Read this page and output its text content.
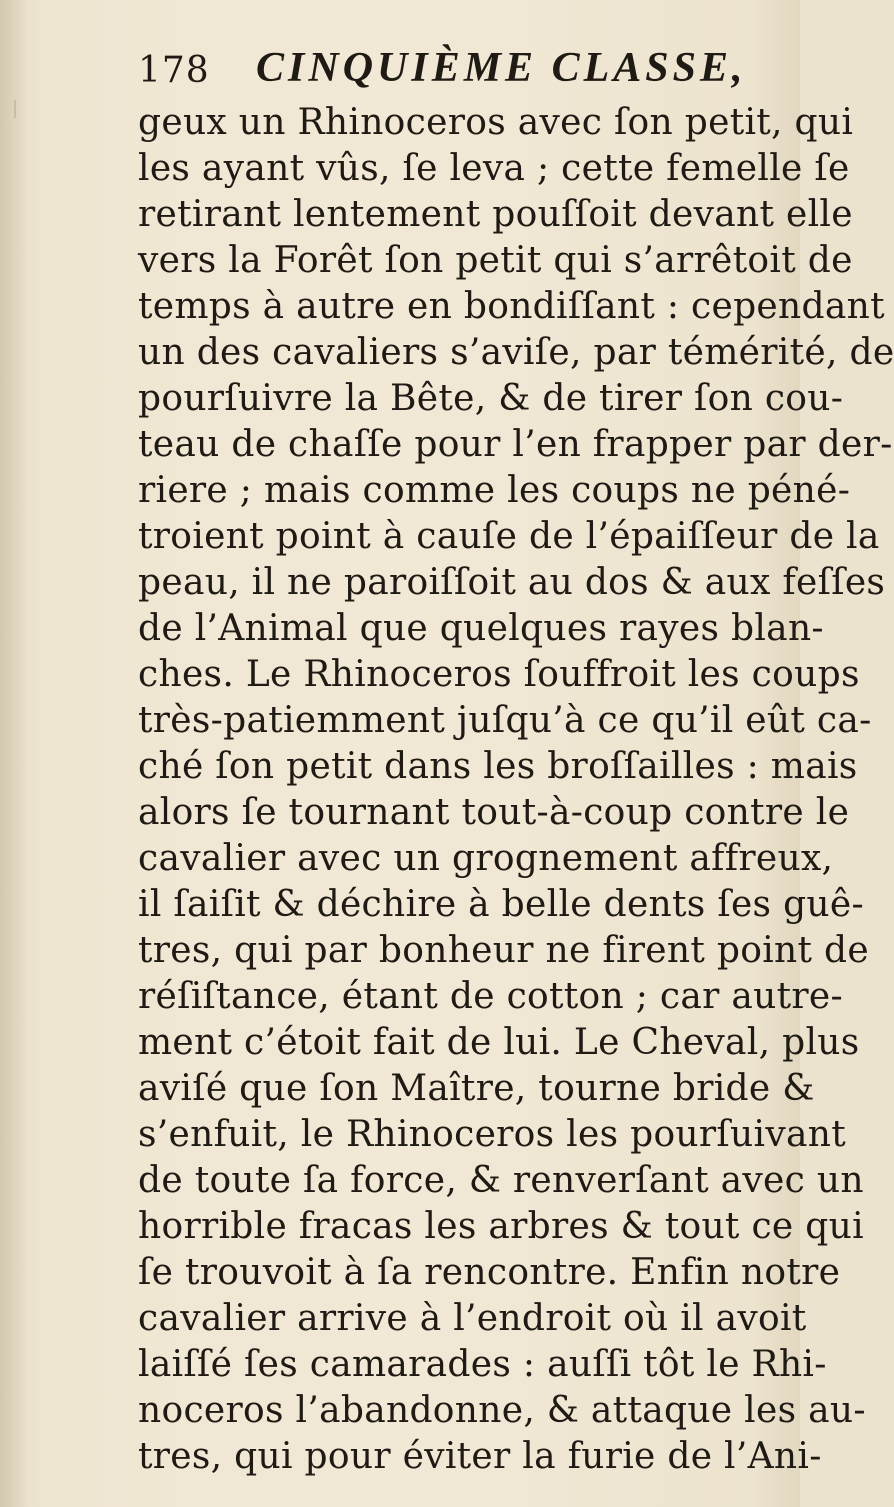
178 CINQUIÈME CLASSE,
geux un Rhinoceros avec ſon petit, qui
les ayant vûs, ſe leva ; cette femelle ſe
retirant lentement pouſſoit devant elle
vers la Forêt ſon petit qui s’arrêtoit de
temps à autre en bondiſſant : cependant
un des cavaliers s’aviſe, par témérité, de
pourſuivre la Bête, & de tirer ſon cou-
teau de chaſſe pour l’en frapper par der-
riere ; mais comme les coups ne péné-
troient point à cauſe de l’épaiſſeur de la
peau, il ne paroiſſoit au dos & aux feſſes
de l’Animal que quelques rayes blan-
ches. Le Rhinoceros ſouffroit les coups
très-patiemment juſqu’à ce qu’il eût ca-
ché ſon petit dans les broſſailles : mais
alors ſe tournant tout-à-coup contre le
cavalier avec un grognement affreux,
il ſaiſit & déchire à belle dents ſes guê-
tres, qui par bonheur ne firent point de
réſiſtance, étant de cotton ; car autre-
ment c’étoit fait de lui. Le Cheval, plus
aviſé que ſon Maître, tourne bride &
s’enfuit, le Rhinoceros les pourſuivant
de toute ſa force, & renverſant avec un
horrible fracas les arbres & tout ce qui
ſe trouvoit à ſa rencontre. Enfin notre
cavalier arrive à l’endroit où il avoit
laiſſé ſes camarades : auſſi tôt le Rhi-
noceros l’abandonne, & attaque les au-
tres, qui pour éviter la furie de l’Ani-
